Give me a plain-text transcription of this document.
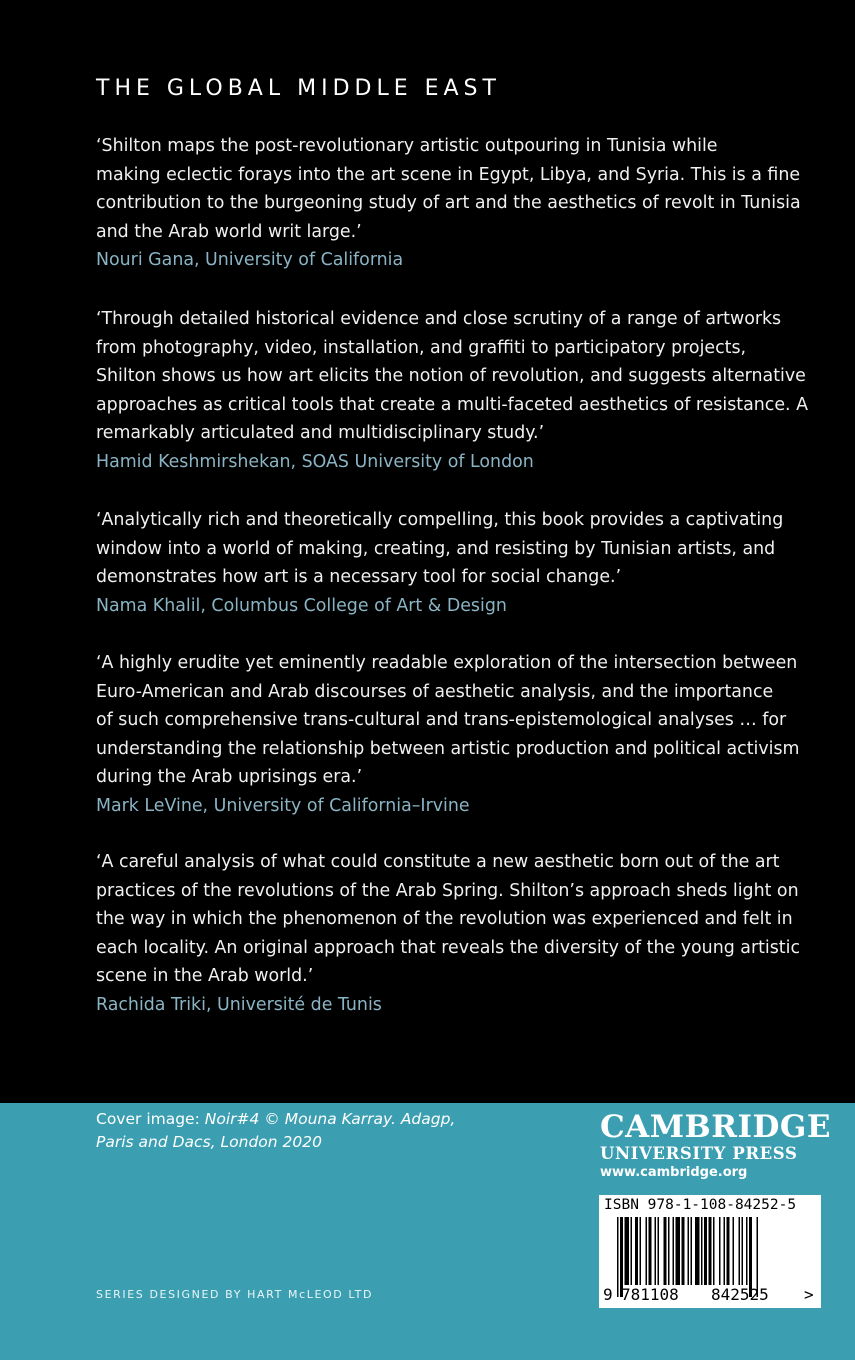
THE GLOBAL MIDDLE EAST

‘Shilton maps the post-revolutionary artistic outpouring in Tunisia while
making eclectic forays into the art scene in Egypt, Libya, and Syria. This is a fine
contribution to the burgeoning study of art and the aesthetics of revolt in Tunisia
and the Arab world writ large.’

Nouri Gana, University of California

‘Through detailed historical evidence and close scrutiny of a range of artworks
from photography, video, installation, and graffiti to participatory projects,
Shilton shows us how art elicits the notion of revolution, and suggests alternative
approaches as critical tools that create a multi-faceted aesthetics of resistance. A
remarkably articulated and multidisciplinary study.’

Hamid Keshmirshekan, SOAS University of London

‘Analytically rich and theoretically compelling, this book provides a captivating
window into a world of making, creating, and resisting by Tunisian artists, and
demonstrates how art is a necessary tool for social change.’

Nama Khalil, Columbus College of Art & Design

‘A highly erudite yet eminently readable exploration of the intersection between
Euro-American and Arab discourses of aesthetic analysis, and the importance
of such comprehensive trans-cultural and trans-epistemological analyses … for
understanding the relationship between artistic production and political activism
during the Arab uprisings era.’

Mark LeVine, University of California–Irvine

‘A careful analysis of what could constitute a new aesthetic born out of the art
practices of the revolutions of the Arab Spring. Shilton’s approach sheds light on
the way in which the phenomenon of the revolution was experienced and felt in
each locality. An original approach that reveals the diversity of the young artistic
scene in the Arab world.’

Rachida Triki, Université de Tunis
Cover image: Noir#4 © Mouna Karray. Adagp,
Paris and Dacs, London 2020	CAMBRIDGE
UNIVERSITY PRESS
www.cambridge.org
ISBN 978-1-108-84252-5
9 781108 842525 >
SERIES DESIGNED BY HART McLEOD LTD
